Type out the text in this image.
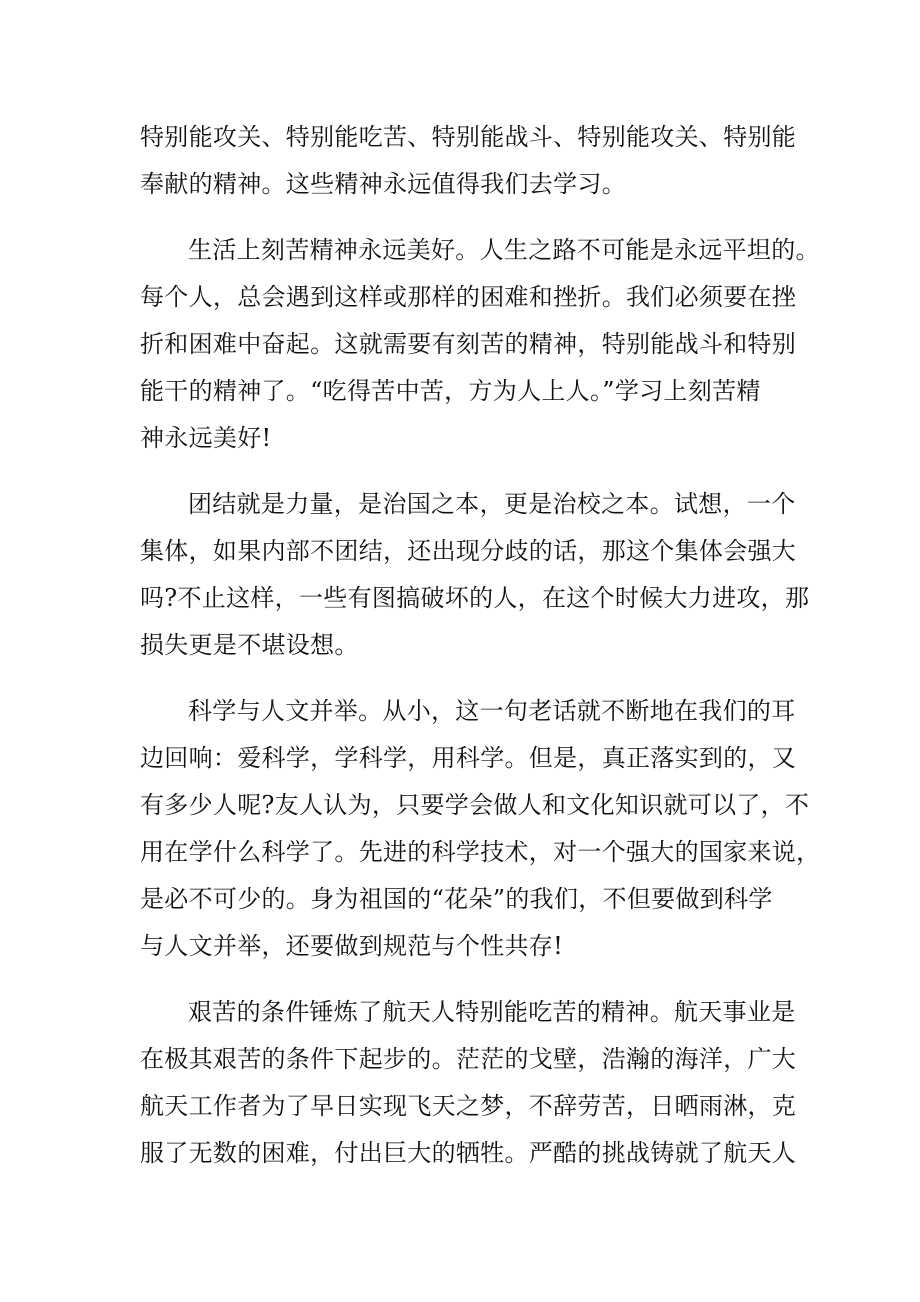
特别能攻关、特别能吃苦、特别能战斗、特别能攻关、特别能
奉献的精神。这些精神永远值得我们去学习。
生活上刻苦精神永远美好。人生之路不可能是永远平坦的。
每个人，总会遇到这样或那样的困难和挫折。我们必须要在挫
折和困难中奋起。这就需要有刻苦的精神，特别能战斗和特别
能干的精神了。“吃得苦中苦，方为人上人。”学习上刻苦精
神永远美好!
团结就是力量，是治国之本，更是治校之本。试想，一个
集体，如果内部不团结，还出现分歧的话，那这个集体会强大
吗?不止这样，一些有图搞破坏的人，在这个时候大力进攻，那
损失更是不堪设想。
科学与人文并举。从小，这一句老话就不断地在我们的耳
边回响：爱科学，学科学，用科学。但是，真正落实到的，又
有多少人呢?友人认为，只要学会做人和文化知识就可以了，不
用在学什么科学了。先进的科学技术，对一个强大的国家来说，
是必不可少的。身为祖国的“花朵”的我们，不但要做到科学
与人文并举，还要做到规范与个性共存!
艰苦的条件锤炼了航天人特别能吃苦的精神。航天事业是
在极其艰苦的条件下起步的。茫茫的戈壁，浩瀚的海洋，广大
航天工作者为了早日实现飞天之梦，不辞劳苦，日晒雨淋，克
服了无数的困难，付出巨大的牺牲。严酷的挑战铸就了航天人
